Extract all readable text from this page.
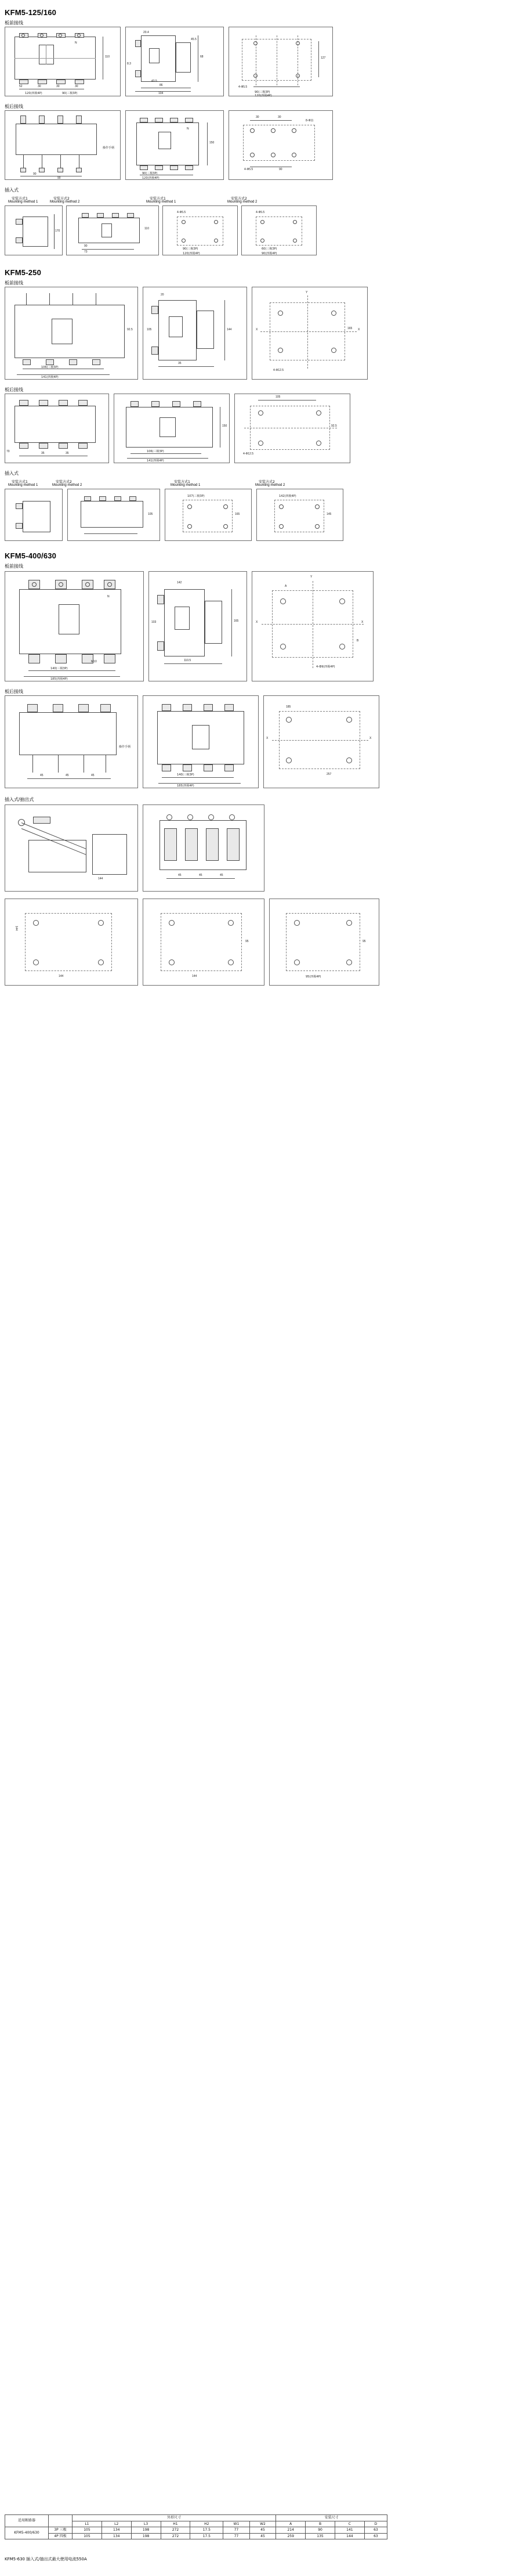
KFM5-125/160
板前接线
N
52	30	30	30
120(四极4P)	90(三极3P)
110
20.4
86
104
68
8.3
43.5
45.5
4-Ф5.5
90(三极3P)
120(四极4P)
127
板后接线
90
90
操作手柄
N
150
90(三极3P)
120(四极4P)
30	30
8-Ф11
4-Ф5.5	90
插入式
安装方式1
Mounting method 1
安装方式2
Mounting method 2
安装方式1
Mounting method 1
安装方式2
Mounting method 2
170
90
73
110
4-Ф5.5
90(三极3P)
120(四极4P)
4-Ф5.5
60(三极3P)
90(四极4P)
KFM5-250
板前接线
106(三极3P)
141(四极4P)
92.5
20
35
144
105
Y
X	X
4-Ф12.5
165
板后接线
70	35	35	106(三极3P)
141(四极4P)
150
105
4-Ф12.5
92.5
插入式
安装方式1
Mounting method 1
安装方式2
Mounting method 2
安装方式1
Mounting method 1
安装方式2
Mounting method 2
105
107(三极3P)
165
142(四极4P)
145
KFM5-400/630
板前接线
N
140(三极3P)
185(四极4P)
M10
142
110.5
165
103
A
X
X
Y
4-Ф9(四极4P)
B
板后接线
操作手柄
45	45	45	140(三极3P)
185(四极4P)
X	X
185
257
插入式/抽出式
144
45	45	45
144
144	144
95
95(四极4P)
95
适用断路器		外形尺寸							安装尺寸			
		L1	L2	L3	H1	H2	W1	W2	A	B	C	D
KFM5-400/630	3P 三极	105	134	198	272	17.5	77	45	214	90	141	63
	4P 四极	105	134	198	272	17.5	77	45	259	135	144	63
KFM5-630 插入式/抽出式最大使用电流550A
